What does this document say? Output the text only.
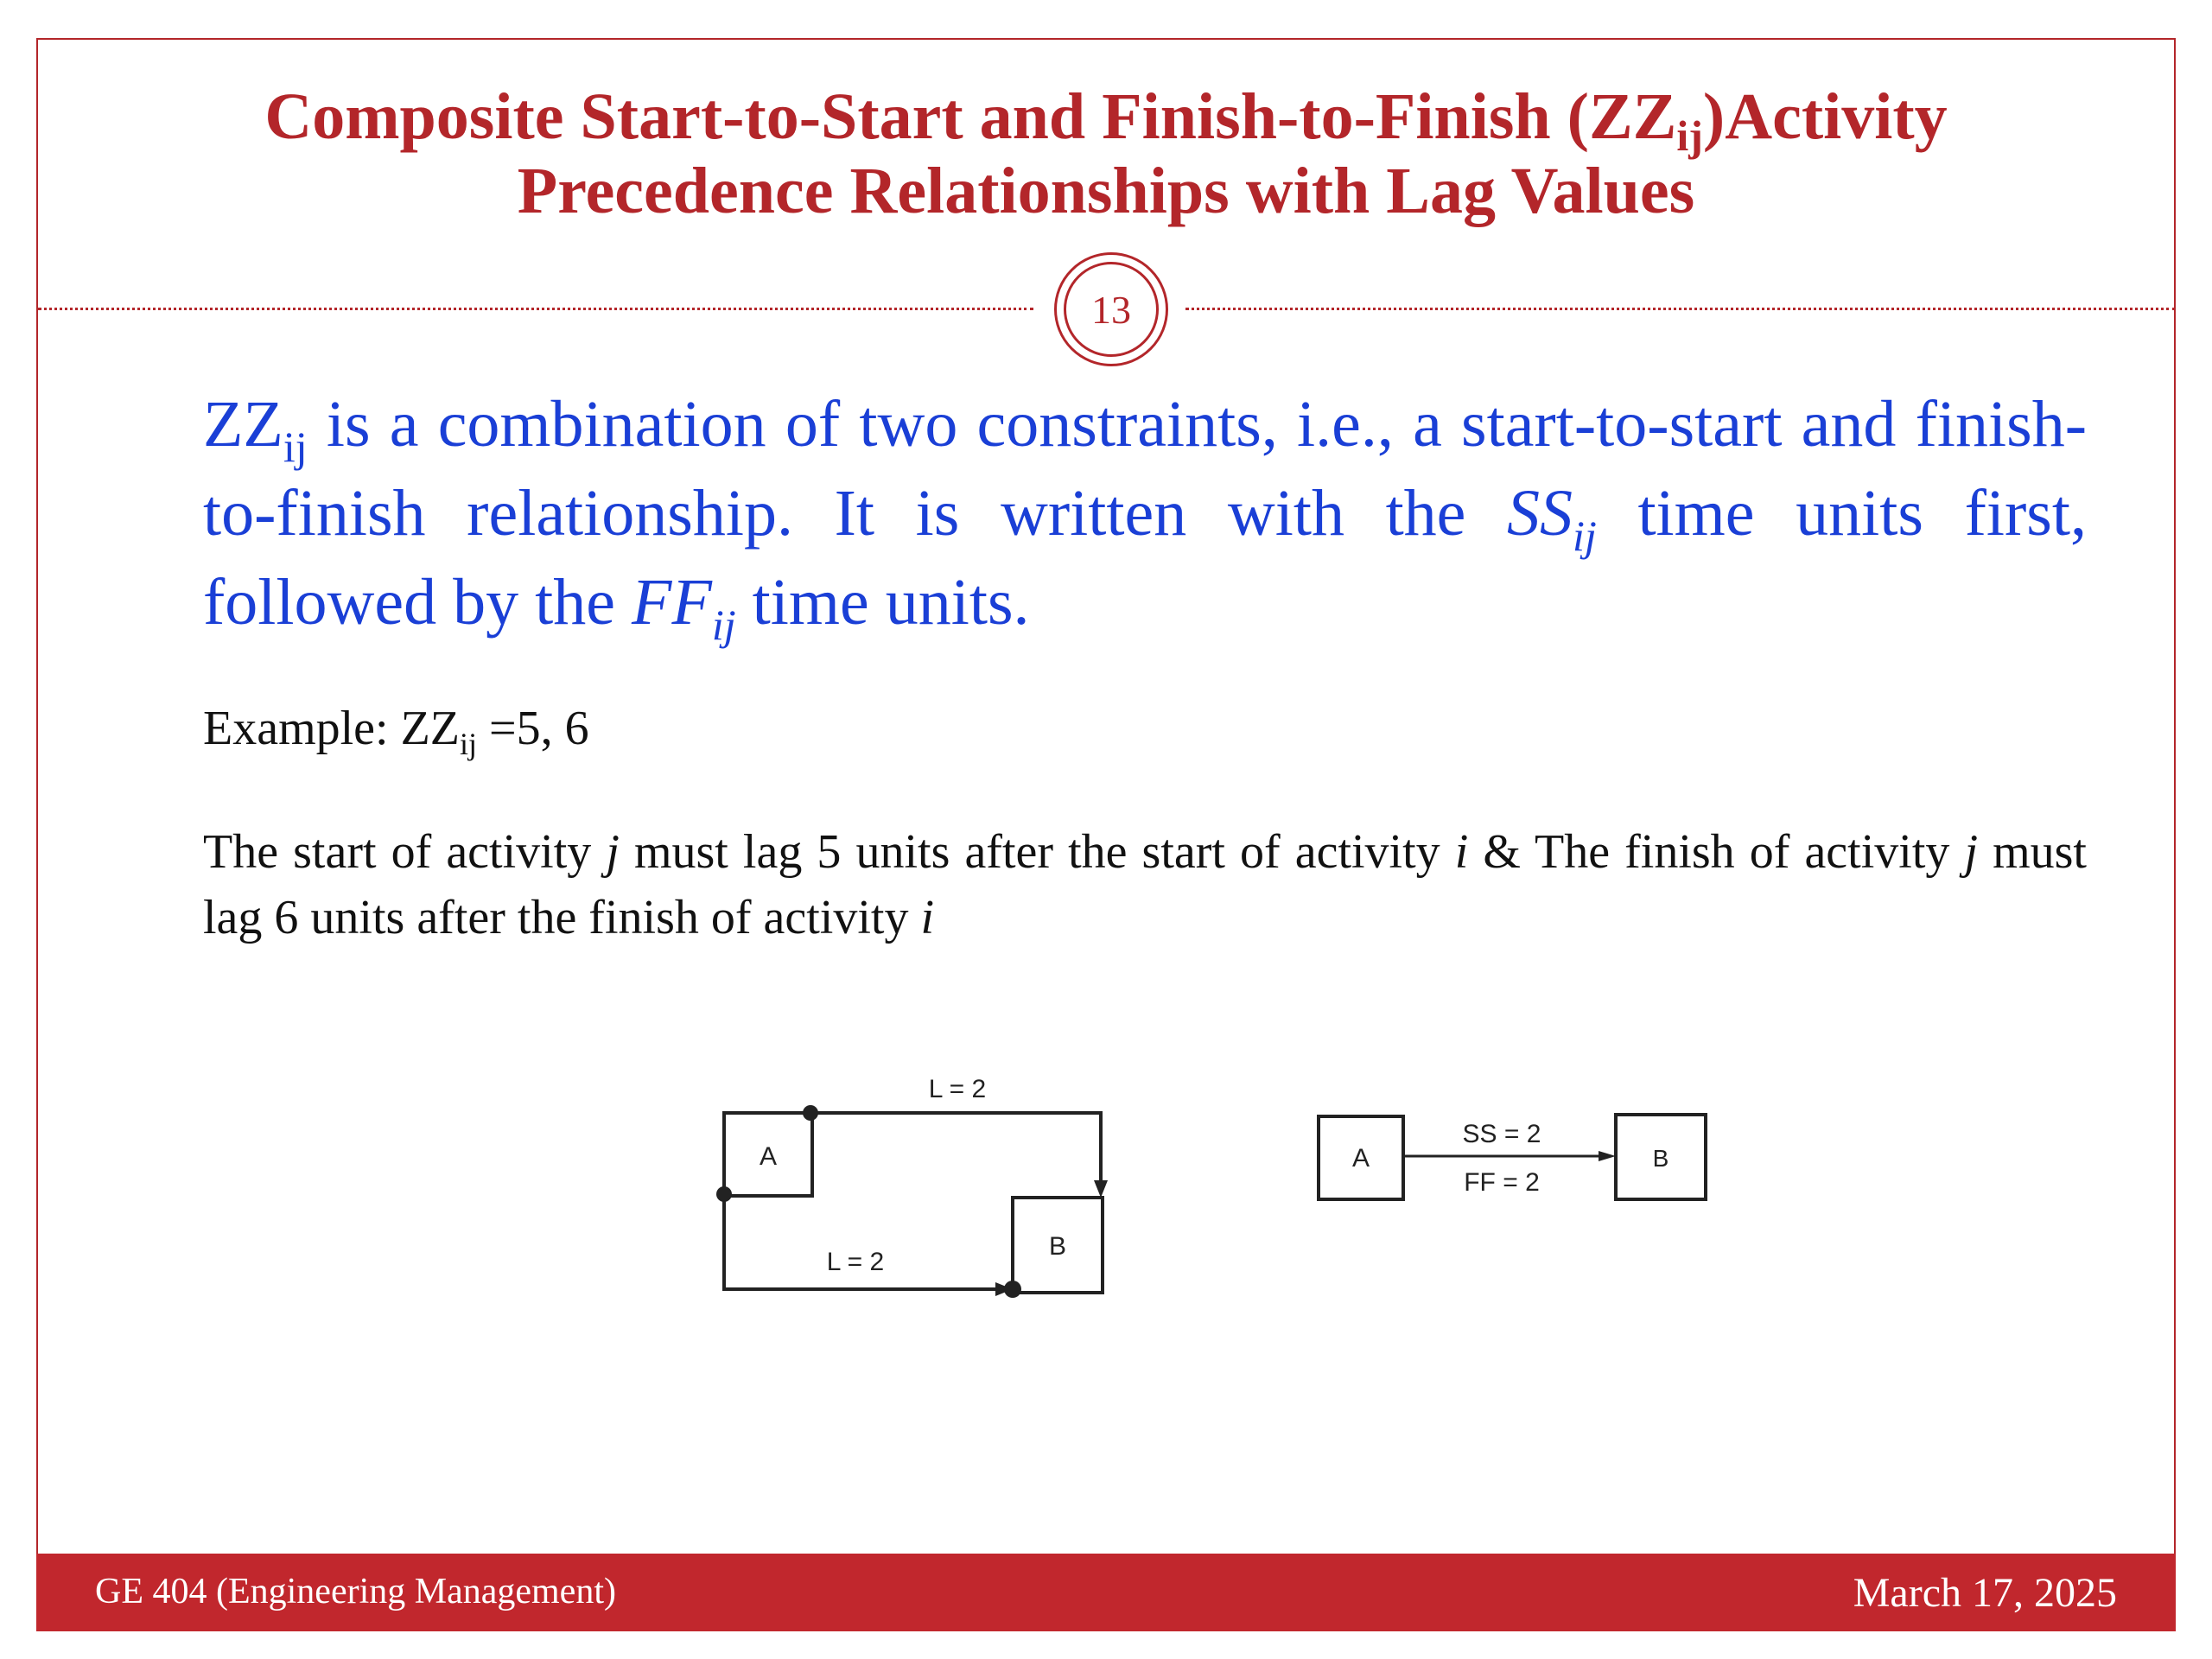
Composite Start-to-Start and Finish-to-Finish $(ZZ_{ij})Activity$
Precedence Relationships with Lag Values
13
$ZZ_{ij}$ is a combination of two constraints, i.e., a start-to-start and finish-to-finish relationship. It is written with the $SS_{ij}$ time units first, followed by the $FF_{ij}$ time units.
Example: $ZZ_{ij} =5$, 6
The start of activity j must lag 5 units after the start of activity i & The finish of activity j must lag 6 units after the finish of activity i
A
B
L = 2
L = 2
A	B
SS = 2
FF = 2
GE 404 (Engineering Management)	March 17, 2025
